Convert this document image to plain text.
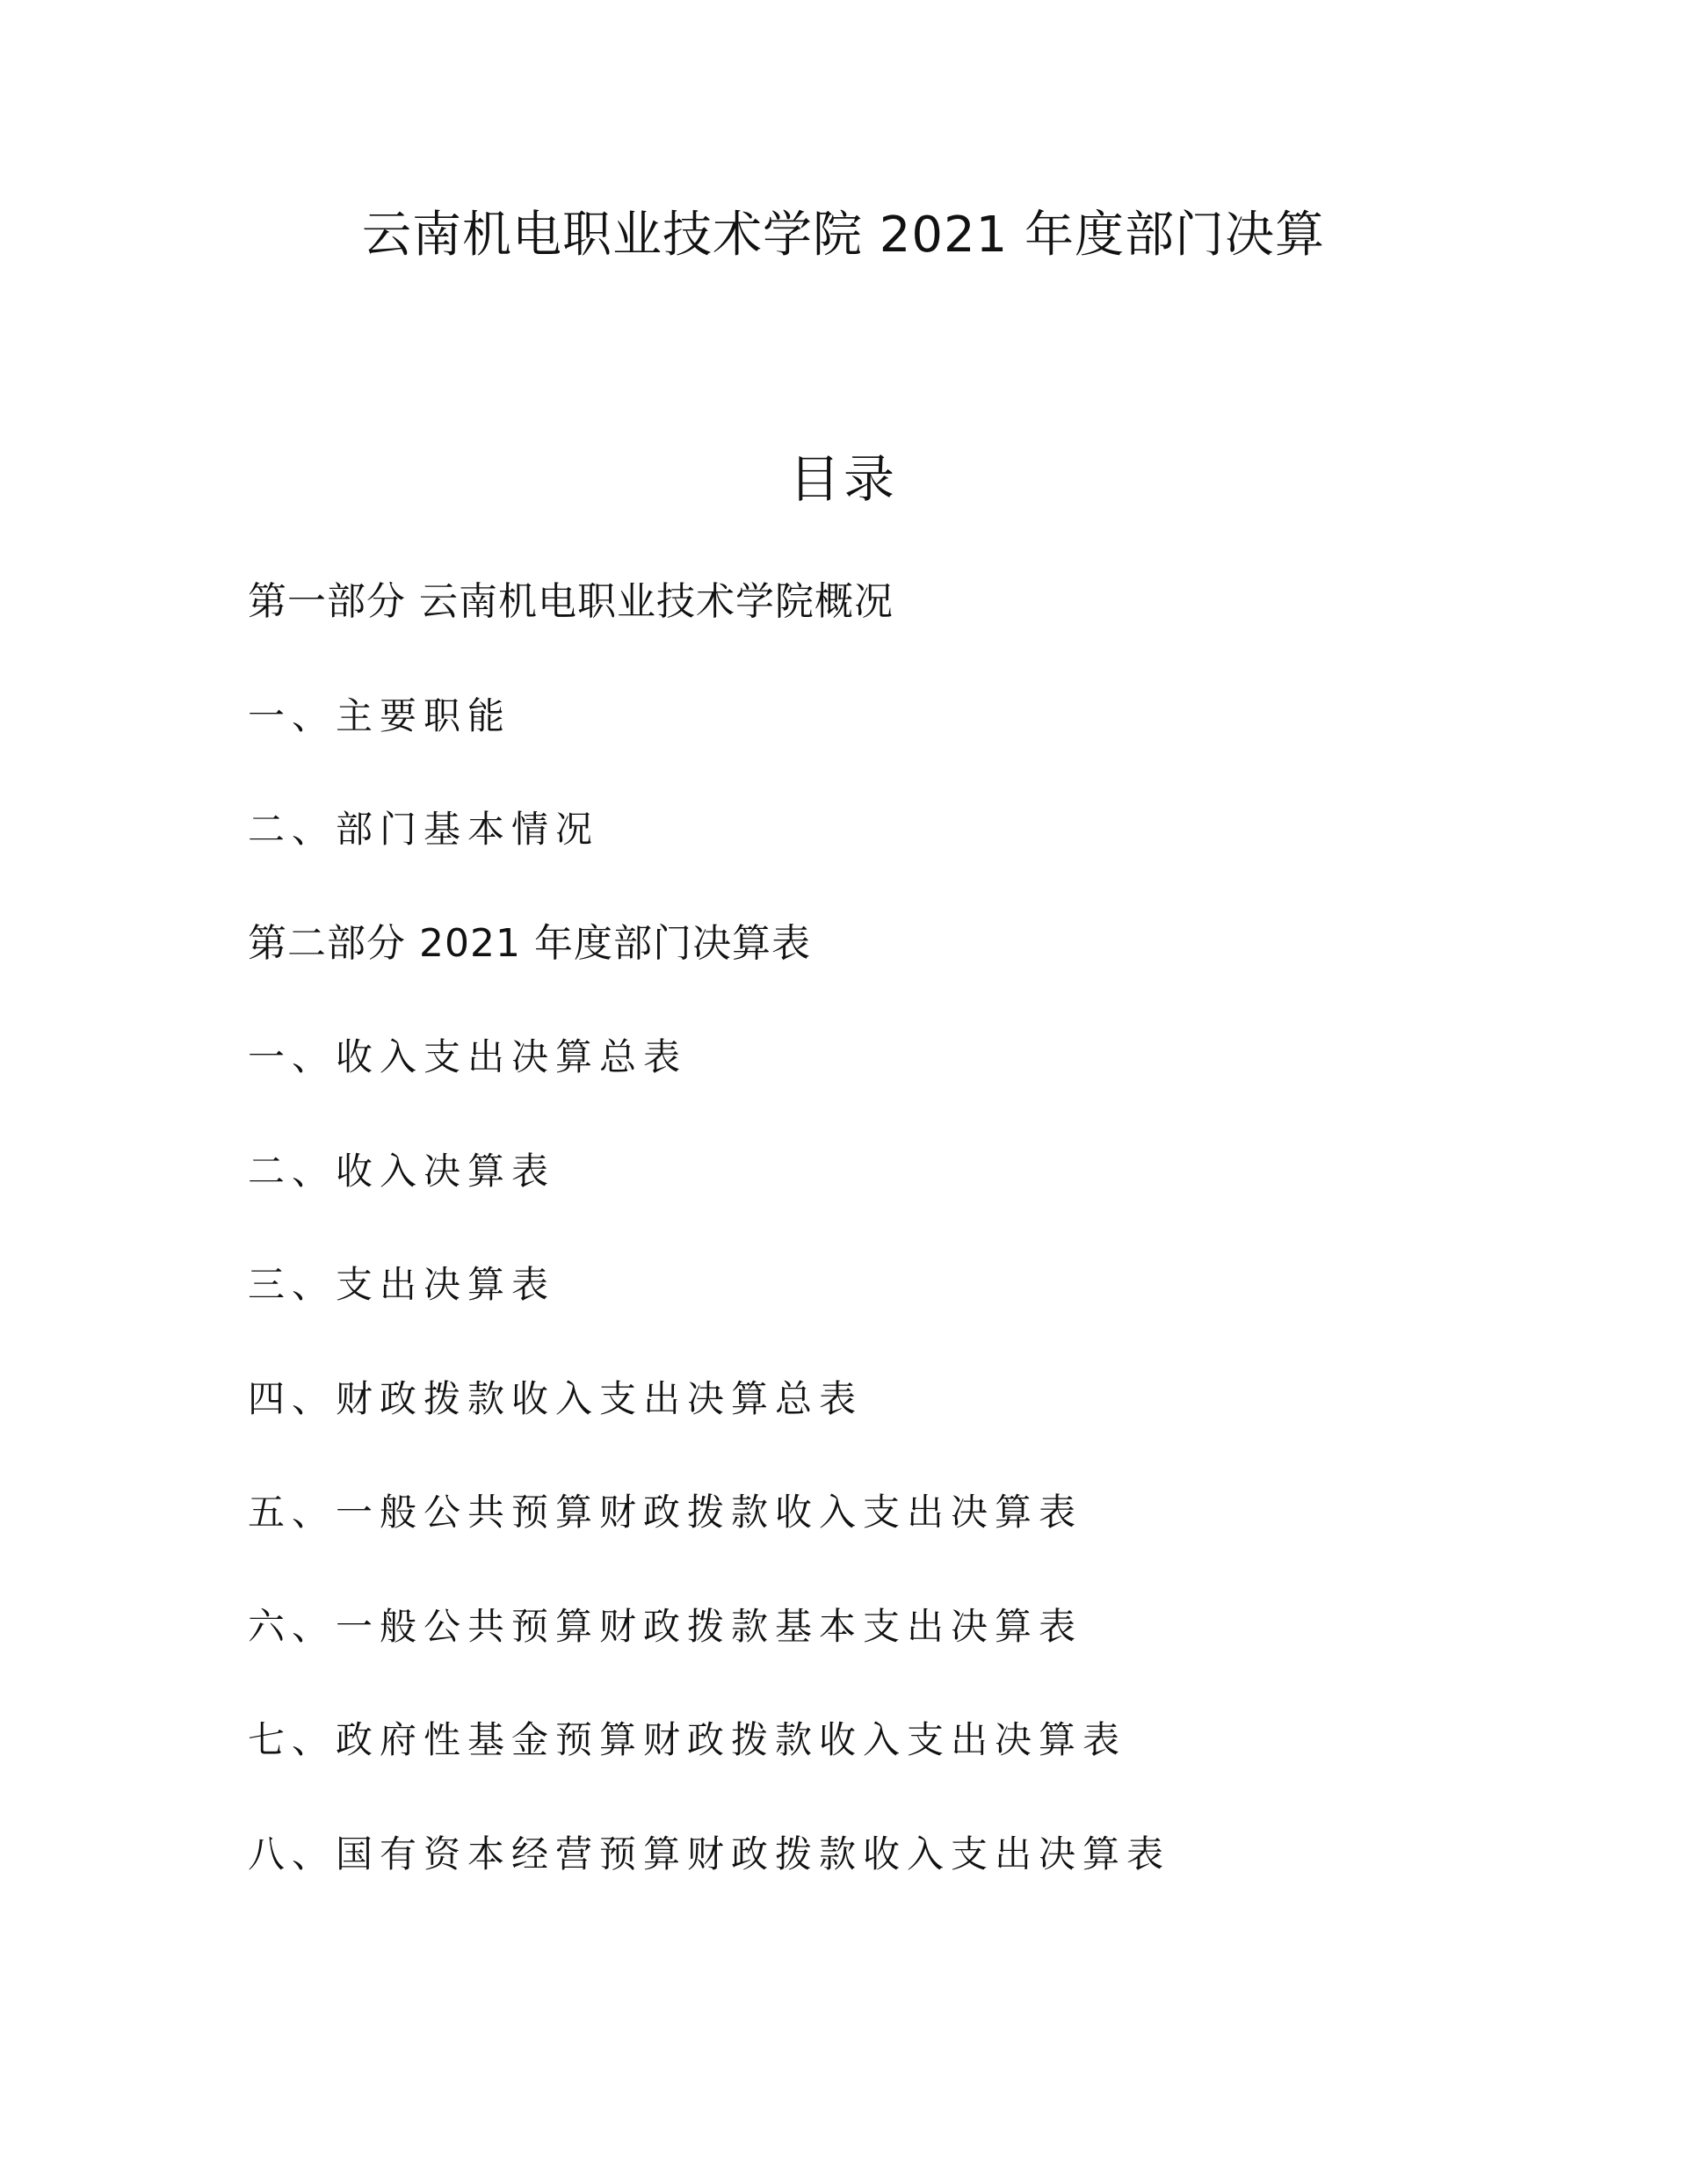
云南机电职业技术学院 2021 年度部门决算
目录
第一部分 云南机电职业技术学院概况
一、主要职能
二、部门基本情况
第二部分 2021 年度部门决算表
一、收入支出决算总表
二、收入决算表
三、支出决算表
四、财政拨款收入支出决算总表
五、一般公共预算财政拨款收入支出决算表
六、一般公共预算财政拨款基本支出决算表
七、政府性基金预算财政拨款收入支出决算表
八、国有资本经营预算财政拨款收入支出决算表
